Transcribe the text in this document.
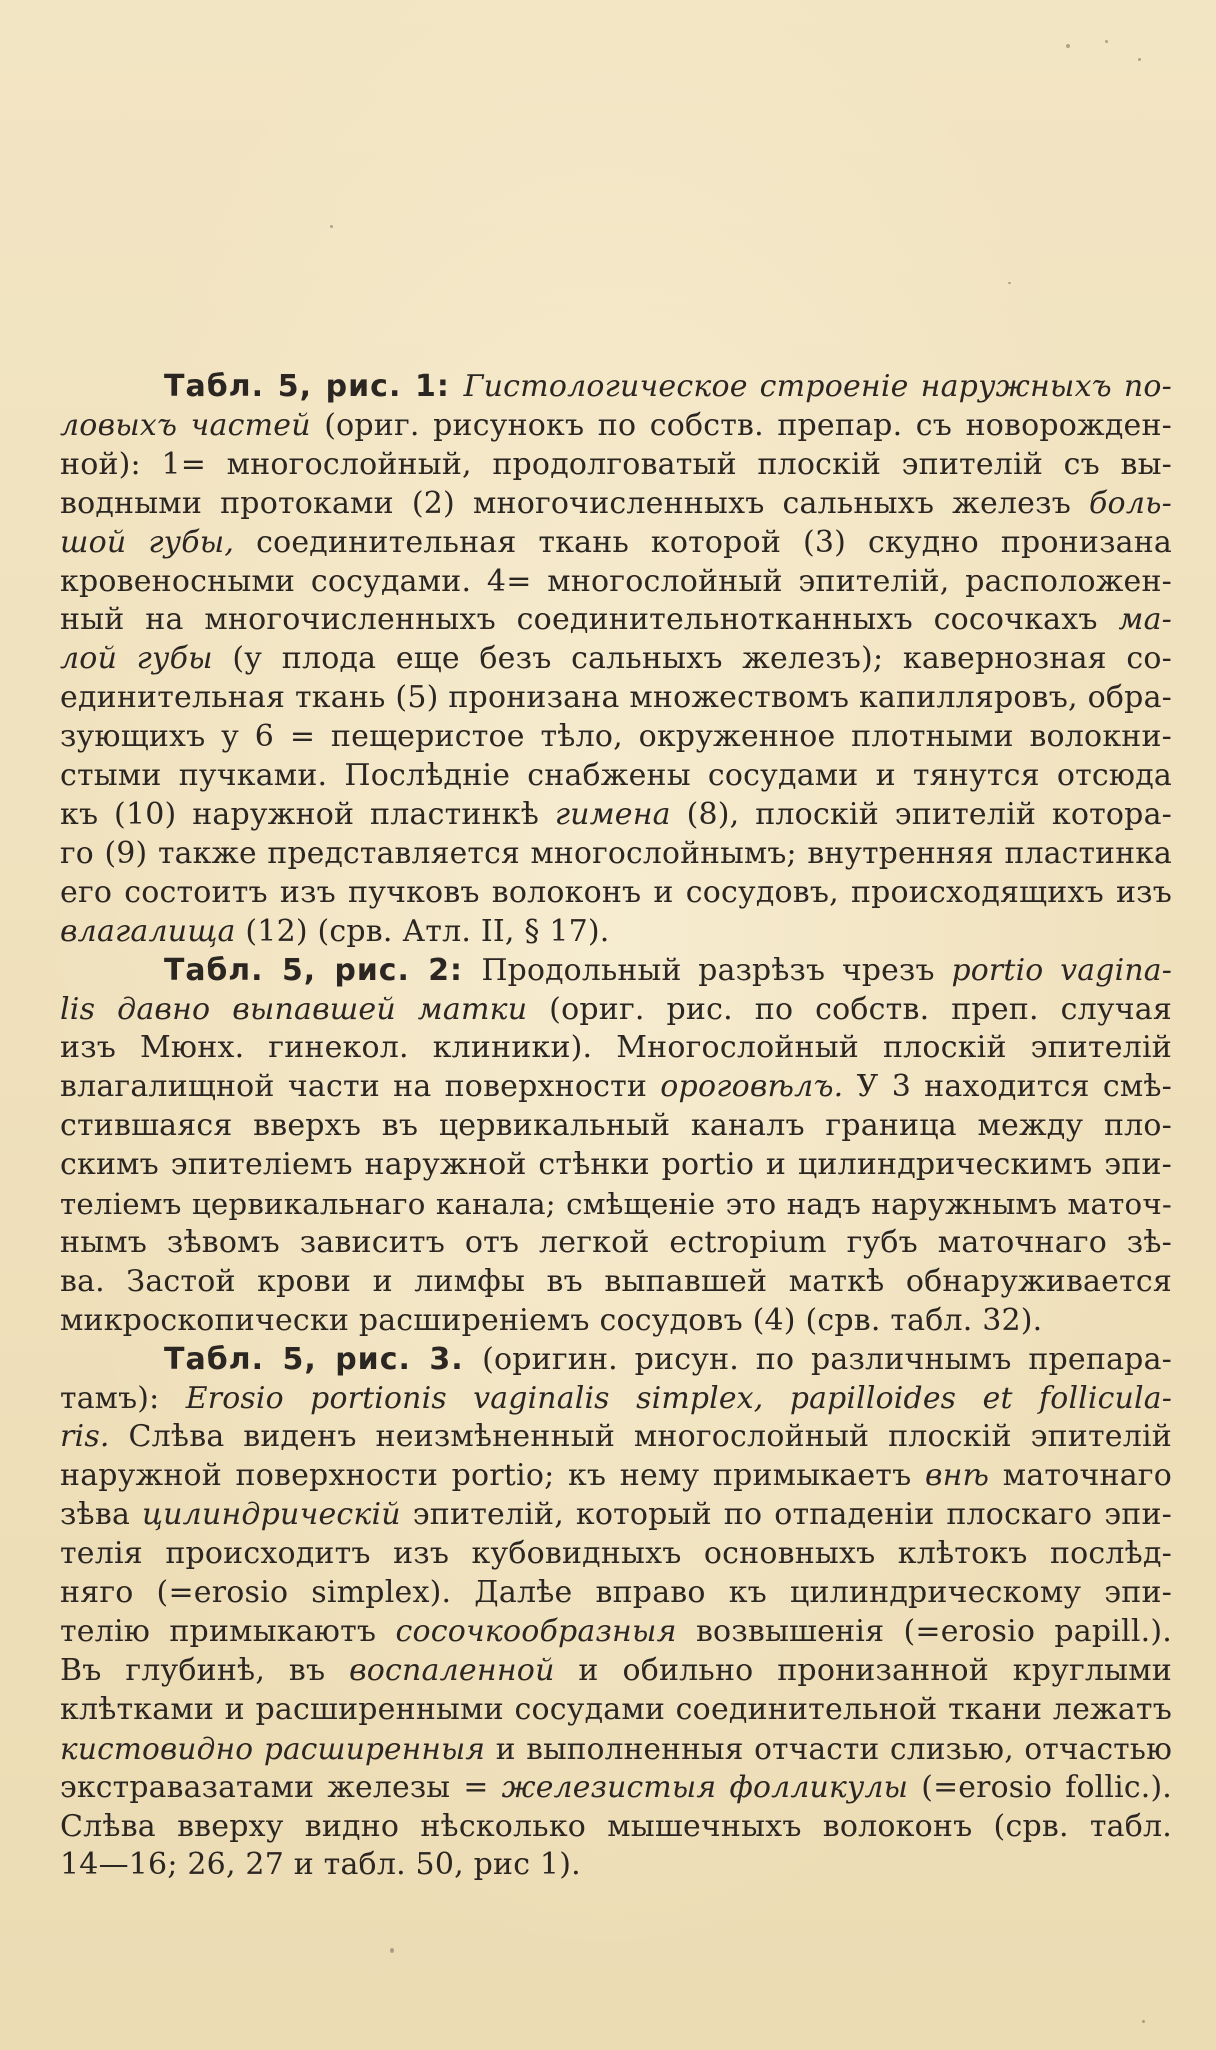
Табл. 5, рис. 1: Гистологическое строеніе наружныхъ по-
ловыхъ частей (ориг. рисунокъ по собств. препар. съ новорожден-
ной): 1= многослойный, продолговатый плоскій эпителій съ вы-
водными протоками (2) многочисленныхъ сальныхъ железъ боль-
шой губы, соединительная ткань которой (3) скудно пронизана
кровеносными сосудами. 4= многослойный эпителій, расположен-
ный на многочисленныхъ соединительнотканныхъ сосочкахъ ма-
лой губы (у плода еще безъ сальныхъ железъ); кавернозная со-
единительная ткань (5) пронизана множествомъ капилляровъ, обра-
зующихъ у 6 = пещеристое тѣло, окруженное плотными волокни-
стыми пучками. Послѣдніе снабжены сосудами и тянутся отсюда
къ (10) наружной пластинкѣ гимена (8), плоскій эпителій котора-
го (9) также представляется многослойнымъ; внутренняя пластинка
его состоитъ изъ пучковъ волоконъ и сосудовъ, происходящихъ изъ
влагалища (12) (срв. Атл. II, § 17).
Табл. 5, рис. 2: Продольный разрѣзъ чрезъ portio vagina-
lis давно выпавшей матки (ориг. рис. по собств. преп. случая
изъ Мюнх. гинекол. клиники). Многослойный плоскій эпителій
влагалищной части на поверхности ороговѣлъ. У 3 находится смѣ-
стившаяся вверхъ въ цервикальный каналъ граница между пло-
скимъ эпителіемъ наружной стѣнки portio и цилиндрическимъ эпи-
теліемъ цервикальнаго канала; смѣщеніе это надъ наружнымъ маточ-
нымъ зѣвомъ зависитъ отъ легкой ectropium губъ маточнаго зѣ-
ва. Застой крови и лимфы въ выпавшей маткѣ обнаруживается
микроскопически расширеніемъ сосудовъ (4) (срв. табл. 32).
Табл. 5, рис. 3. (оригин. рисун. по различнымъ препара-
тамъ): Erosio portionis vaginalis simplex, papilloides et follicula-
ris. Слѣва виденъ неизмѣненный многослойный плоскій эпителій
наружной поверхности portio; къ нему примыкаетъ внѣ маточнаго
зѣва цилиндрическій эпителій, который по отпаденіи плоскаго эпи-
телія происходитъ изъ кубовидныхъ основныхъ клѣтокъ послѣд-
няго (=erosio simplex). Далѣе вправо къ цилиндрическому эпи-
телію примыкаютъ сосочкообразныя возвышенія (=erosio papill.).
Въ глубинѣ, въ воспаленной и обильно пронизанной круглыми
клѣтками и расширенными сосудами соединительной ткани лежатъ
кистовидно расширенныя и выполненныя отчасти слизью, отчастью
экстравазатами железы = железистыя фолликулы (=erosio follic.).
Слѣва вверху видно нѣсколько мышечныхъ волоконъ (срв. табл.
14—16; 26, 27 и табл. 50, рис 1).
